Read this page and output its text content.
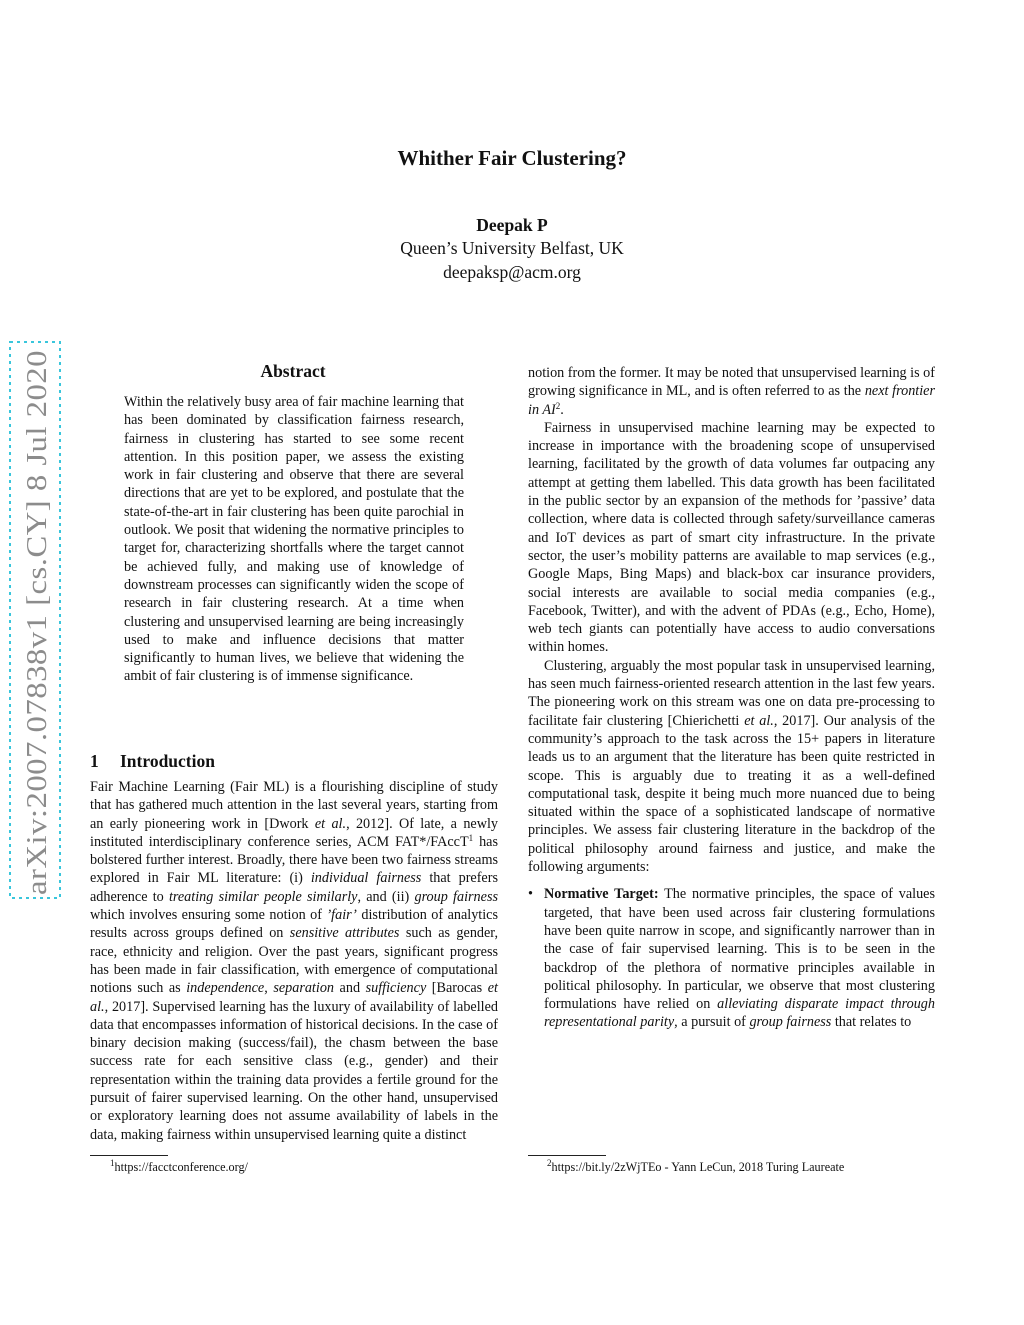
arXiv:2007.07838v1 [cs.CY] 8 Jul 2020
Whither Fair Clustering?
Deepak P
Queen’s University Belfast, UK
deepaksp@acm.org
Abstract
Within the relatively busy area of fair machine learning that has been dominated by classification fairness research, fairness in clustering has started to see some recent attention. In this position paper, we assess the existing work in fair clustering and observe that there are several directions that are yet to be explored, and postulate that the state-of-the-art in fair clustering has been quite parochial in outlook. We posit that widening the normative principles to target for, characterizing shortfalls where the target cannot be achieved fully, and making use of knowledge of downstream processes can significantly widen the scope of research in fair clustering research. At a time when clustering and unsupervised learning are being increasingly used to make and influence decisions that matter significantly to human lives, we believe that widening the ambit of fair clustering is of immense significance.
1 Introduction

Fair Machine Learning (Fair ML) is a flourishing discipline of study that has gathered much attention in the last several years, starting from an early pioneering work in [Dwork et al., 2012]. Of late, a newly instituted interdisciplinary conference series, ACM FAT*/FAccT$^1$ has bolstered further interest. Broadly, there have been two fairness streams explored in Fair ML literature: (i) individual fairness that prefers adherence to treating similar people similarly, and (ii) group fairness which involves ensuring some notion of ’fair’ distribution of analytics results across groups defined on sensitive attributes such as gender, race, ethnicity and religion. Over the past years, significant progress has been made in fair classification, with emergence of computational notions such as independence, separation and sufficiency [Barocas et al., 2017]. Supervised learning has the luxury of availability of labelled data that encompasses information of historical decisions. In the case of binary decision making (success/fail), the chasm between the base success rate for each sensitive class (e.g., gender) and their representation within the training data provides a fertile ground for the pursuit of fairer supervised learning. On the other hand, unsupervised or exploratory learning does not assume availability of labels in the data, making fairness within unsupervised learning quite a distinct

notion from the former. It may be noted that unsupervised learning is of growing significance in ML, and is often referred to as the next frontier in $AI^2$.

Fairness in unsupervised machine learning may be expected to increase in importance with the broadening scope of unsupervised learning, facilitated by the growth of data volumes far outpacing any attempt at getting them labelled. This data growth has been facilitated in the public sector by an expansion of the methods for ’passive’ data collection, where data is collected through safety/surveillance cameras and IoT devices as part of smart city infrastructure. In the private sector, the user’s mobility patterns are available to map services (e.g., Google Maps, Bing Maps) and black-box car insurance providers, social interests are available to social media companies (e.g., Facebook, Twitter), and with the advent of PDAs (e.g., Echo, Home), web tech giants can potentially have access to audio conversations within homes.

Clustering, arguably the most popular task in unsupervised learning, has seen much fairness-oriented research attention in the last few years. The pioneering work on this stream was one on data pre-processing to facilitate fair clustering [Chierichetti et al., 2017]. Our analysis of the community’s approach to the task across the 15+ papers in literature leads us to an argument that the literature has been quite restricted in scope. This is arguably due to treating it as a well-defined computational task, despite it being much more nuanced due to being situated within the space of a sophisticated landscape of normative principles. We assess fair clustering literature in the backdrop of the political philosophy around fairness and justice, and make the following arguments:

• Normative Target: The normative principles, the space of values targeted, that have been used across fair clustering formulations have been quite narrow in scope, and significantly narrower than in the case of fair supervised learning. This is to be seen in the backdrop of the plethora of normative principles available in political philosophy. In particular, we observe that most clustering formulations have relied on alleviating disparate impact through representational parity, a pursuit of group fairness that relates to

$^1$https://facctconference.org/	$^2$https://bit.ly/2zWjTEo - Yann LeCun, 2018 Turing Laureate
